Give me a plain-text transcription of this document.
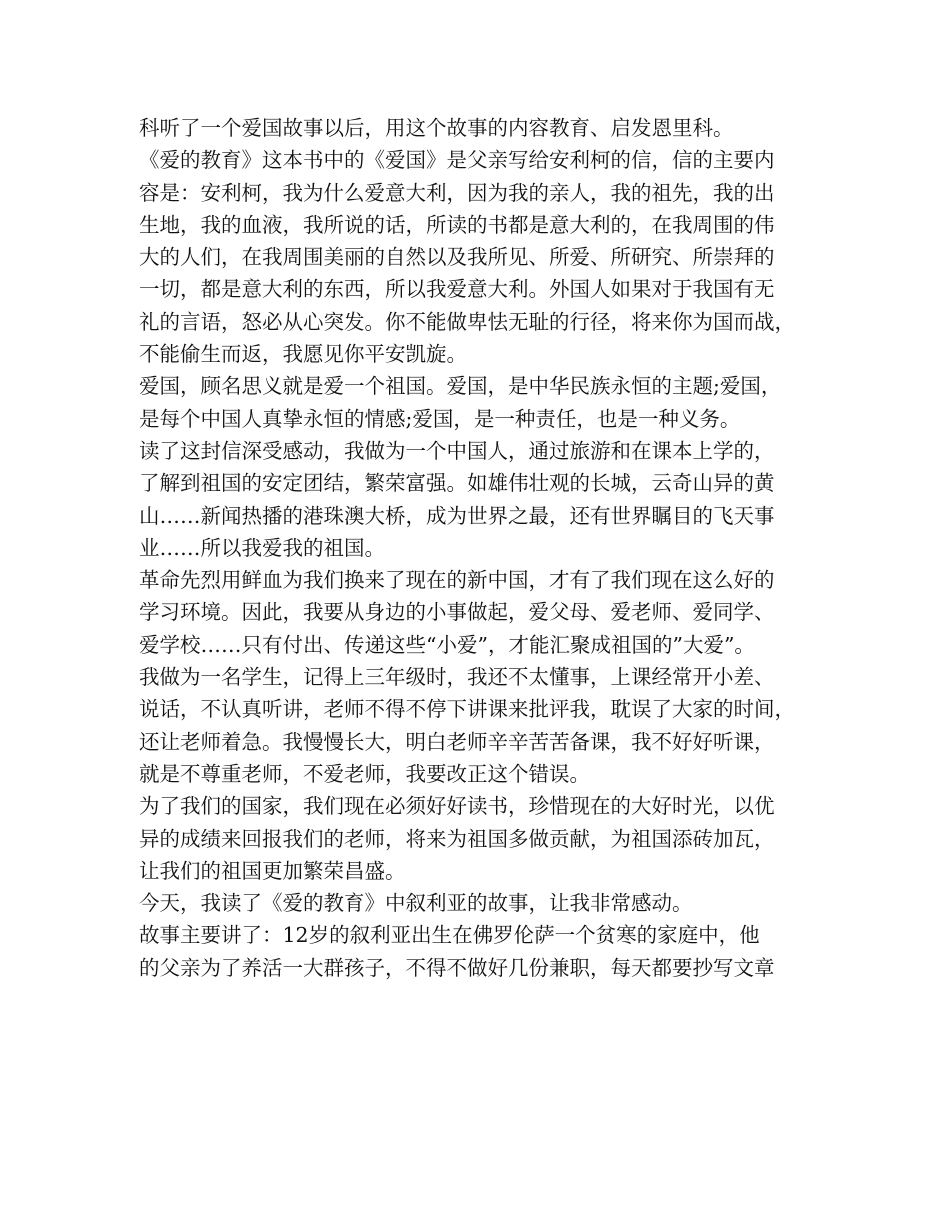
科听了一个爱国故事以后，用这个故事的内容教育、启发恩里科。
《爱的教育》这本书中的《爱国》是父亲写给安利柯的信，信的主要内
容是：安利柯，我为什么爱意大利，因为我的亲人，我的祖先，我的出
生地，我的血液，我所说的话，所读的书都是意大利的，在我周围的伟
大的人们，在我周围美丽的自然以及我所见、所爱、所研究、所崇拜的
一切，都是意大利的东西，所以我爱意大利。外国人如果对于我国有无
礼的言语，怒必从心突发。你不能做卑怯无耻的行径，将来你为国而战，
不能偷生而返，我愿见你平安凯旋。
爱国，顾名思义就是爱一个祖国。爱国，是中华民族永恒的主题;爱国，
是每个中国人真挚永恒的情感;爱国，是一种责任，也是一种义务。
读了这封信深受感动，我做为一个中国人，通过旅游和在课本上学的，
了解到祖国的安定团结，繁荣富强。如雄伟壮观的长城，云奇山异的黄
山……新闻热播的港珠澳大桥，成为世界之最，还有世界瞩目的飞天事
业……所以我爱我的祖国。
革命先烈用鲜血为我们换来了现在的新中国，才有了我们现在这么好的
学习环境。因此，我要从身边的小事做起，爱父母、爱老师、爱同学、
爱学校……只有付出、传递这些“小爱”，才能汇聚成祖国的”大爱”。
我做为一名学生，记得上三年级时，我还不太懂事，上课经常开小差、
说话，不认真听讲，老师不得不停下讲课来批评我，耽误了大家的时间，
还让老师着急。我慢慢长大，明白老师辛辛苦苦备课，我不好好听课，
就是不尊重老师，不爱老师，我要改正这个错误。
为了我们的国家，我们现在必须好好读书，珍惜现在的大好时光，以优
异的成绩来回报我们的老师，将来为祖国多做贡献，为祖国添砖加瓦，
让我们的祖国更加繁荣昌盛。
今天，我读了《爱的教育》中叙利亚的故事，让我非常感动。
故事主要讲了：12岁的叙利亚出生在佛罗伦萨一个贫寒的家庭中，他
的父亲为了养活一大群孩子，不得不做好几份兼职，每天都要抄写文章
